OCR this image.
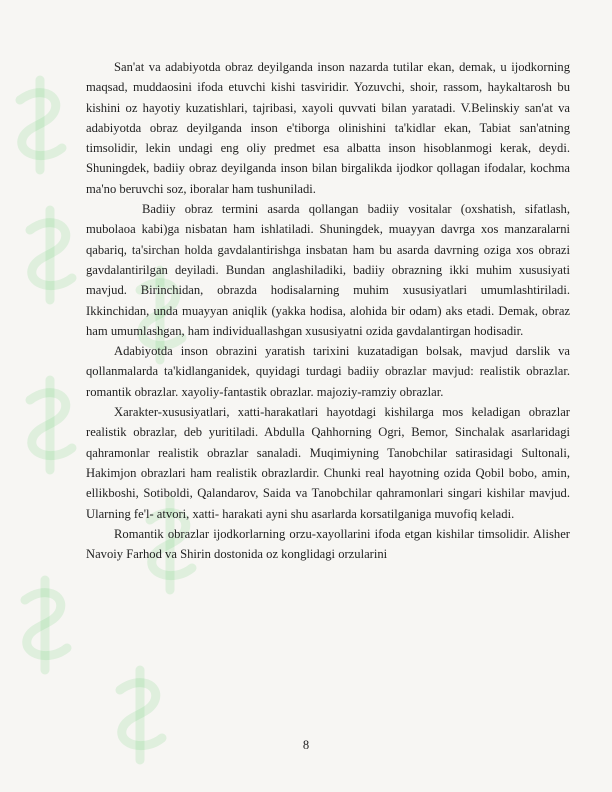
San'at va adabiyotda obraz deyilganda inson nazarda tutilar ekan, demak, u ijodkorning maqsad, muddaosini ifoda etuvchi kishi tasviridir. Yozuvchi, shoir, rassom, haykaltarosh bu kishini oz hayotiy kuzatishlari, tajribasi, xayoli quvvati bilan yaratadi. V.Belinskiy san'at va adabiyotda obraz deyilganda inson e'tiborga olinishini ta'kidlar ekan, Tabiat san'atning timsolidir, lekin undagi eng oliy predmet esa albatta inson hisoblanmogi kerak, deydi. Shuningdek, badiiy obraz deyilganda inson bilan birgalikda ijodkor qollagan ifodalar, kochma ma'no beruvchi soz, iboralar ham tushuniladi.

Badiiy obraz termini asarda qollangan badiiy vositalar (oxshatish, sifatlash, mubolaoa kabi)ga nisbatan ham ishlatiladi. Shuningdek, muayyan davrga xos manzaralarni qabariq, ta'sirchan holda gavdalantirishga insbatan ham bu asarda davrning oziga xos obrazi gavdalantirilgan deyiladi. Bundan anglashiladiki, badiiy obrazning ikki muhim xususiyati mavjud. Birinchidan, obrazda hodisalarning muhim xususiyatlari umumlashtiriladi. Ikkinchidan, unda muayyan aniqlik (yakka hodisa, alohida bir odam) aks etadi. Demak, obraz ham umumlashgan, ham individuallashgan xususiyatni ozida gavdalantirgan hodisadir.

Adabiyotda inson obrazini yaratish tarixini kuzatadigan bolsak, mavjud darslik va qollanmalarda ta'kidlanganidek, quyidagi turdagi badiiy obrazlar mavjud: realistik obrazlar. romantik obrazlar. xayoliy-fantastik obrazlar. majoziy-ramziy obrazlar.

Xarakter-xususiyatlari, xatti-harakatlari hayotdagi kishilarga mos keladigan obrazlar realistik obrazlar, deb yuritiladi. Abdulla Qahhorning Ogri, Bemor, Sinchalak asarlaridagi qahramonlar realistik obrazlar sanaladi. Muqimiyning Tanobchilar satirasidagi Sultonali, Hakimjon obrazlari ham realistik obrazlardir. Chunki real hayotning ozida Qobil bobo, amin, ellikboshi, Sotiboldi, Qalandarov, Saida va Tanobchilar qahramonlari singari kishilar mavjud. Ularning fe'l- atvori, xatti- harakati ayni shu asarlarda korsatilganiga muvofiq keladi.

Romantik obrazlar ijodkorlarning orzu-xayollarini ifoda etgan kishilar timsolidir. Alisher Navoiy Farhod va Shirin dostonida oz konglidagi orzularini

8
